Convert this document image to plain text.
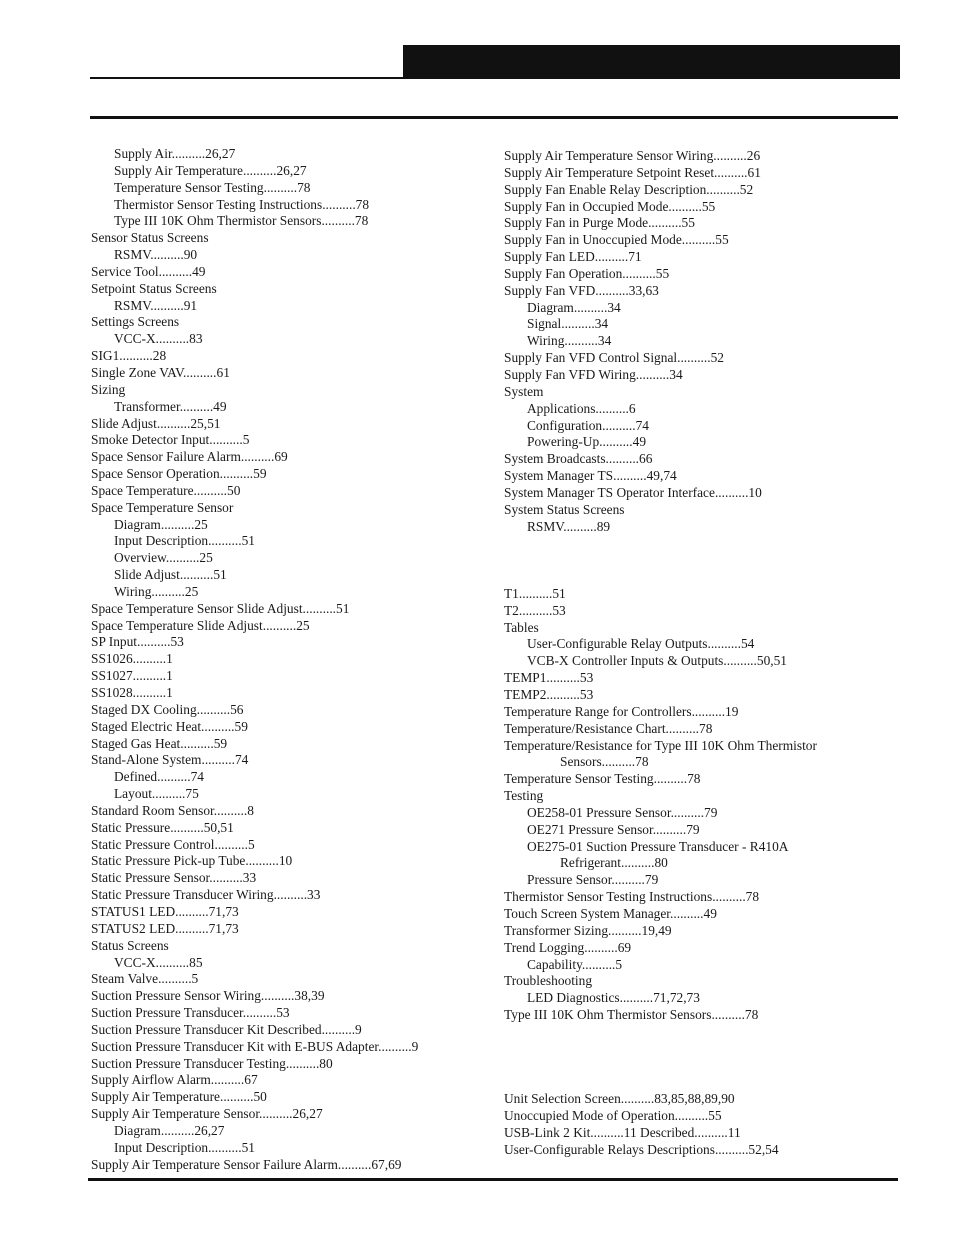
Supply Air..........26,27
Supply Air Temperature..........26,27
Temperature Sensor Testing..........78
Thermistor Sensor Testing Instructions..........78
Type III 10K Ohm Thermistor Sensors..........78
Sensor Status Screens
RSMV..........90
Service Tool..........49
Setpoint Status Screens
RSMV..........91
Settings Screens
VCC-X..........83
SIG1..........28
Single Zone VAV..........61
Sizing
Transformer..........49
Slide Adjust..........25,51
Smoke Detector Input..........5
Space Sensor Failure Alarm..........69
Space Sensor Operation..........59
Space Temperature..........50
Space Temperature Sensor
Diagram..........25
Input Description..........51
Overview..........25
Slide Adjust..........51
Wiring..........25
Space Temperature Sensor Slide Adjust..........51
Space Temperature Slide Adjust..........25
SP Input..........53
SS1026..........1
SS1027..........1
SS1028..........1
Staged DX Cooling..........56
Staged Electric Heat..........59
Staged Gas Heat..........59
Stand-Alone System..........74
Defined..........74
Layout..........75
Standard Room Sensor..........8
Static Pressure..........50,51
Static Pressure Control..........5
Static Pressure Pick-up Tube..........10
Static Pressure Sensor..........33
Static Pressure Transducer Wiring..........33
STATUS1 LED..........71,73
STATUS2 LED..........71,73
Status Screens
VCC-X..........85
Steam Valve..........5
Suction Pressure Sensor Wiring..........38,39
Suction Pressure Transducer..........53
Suction Pressure Transducer Kit Described..........9
Suction Pressure Transducer Kit with E-BUS Adapter..........9
Suction Pressure Transducer Testing..........80
Supply Airflow Alarm..........67
Supply Air Temperature..........50
Supply Air Temperature Sensor..........26,27
Diagram..........26,27
Input Description..........51
Supply Air Temperature Sensor Failure Alarm..........67,69
Supply Air Temperature Sensor Wiring..........26
Supply Air Temperature Setpoint Reset..........61
Supply Fan Enable Relay Description..........52
Supply Fan in Occupied Mode..........55
Supply Fan in Purge Mode..........55
Supply Fan in Unoccupied Mode..........55
Supply Fan LED..........71
Supply Fan Operation..........55
Supply Fan VFD..........33,63
Diagram..........34
Signal..........34
Wiring..........34
Supply Fan VFD Control Signal..........52
Supply Fan VFD Wiring..........34
System
Applications..........6
Configuration..........74
Powering-Up..........49
System Broadcasts..........66
System Manager TS..........49,74
System Manager TS Operator Interface..........10
System Status Screens
RSMV..........89
T1..........51
T2..........53
Tables
User-Configurable Relay Outputs..........54
VCB-X Controller Inputs & Outputs..........50,51
TEMP1..........53
TEMP2..........53
Temperature Range for Controllers..........19
Temperature/Resistance Chart..........78
Temperature/Resistance for Type III 10K Ohm Thermistor
Sensors..........78
Temperature Sensor Testing..........78
Testing
OE258-01 Pressure Sensor..........79
OE271 Pressure Sensor..........79
OE275-01 Suction Pressure Transducer - R410A
Refrigerant..........80
Pressure Sensor..........79
Thermistor Sensor Testing Instructions..........78
Touch Screen System Manager..........49
Transformer Sizing..........19,49
Trend Logging..........69
Capability..........5
Troubleshooting
LED Diagnostics..........71,72,73
Type III 10K Ohm Thermistor Sensors..........78
Unit Selection Screen..........83,85,88,89,90
Unoccupied Mode of Operation..........55
USB-Link 2 Kit..........11 Described..........11
User-Configurable Relays Descriptions..........52,54
